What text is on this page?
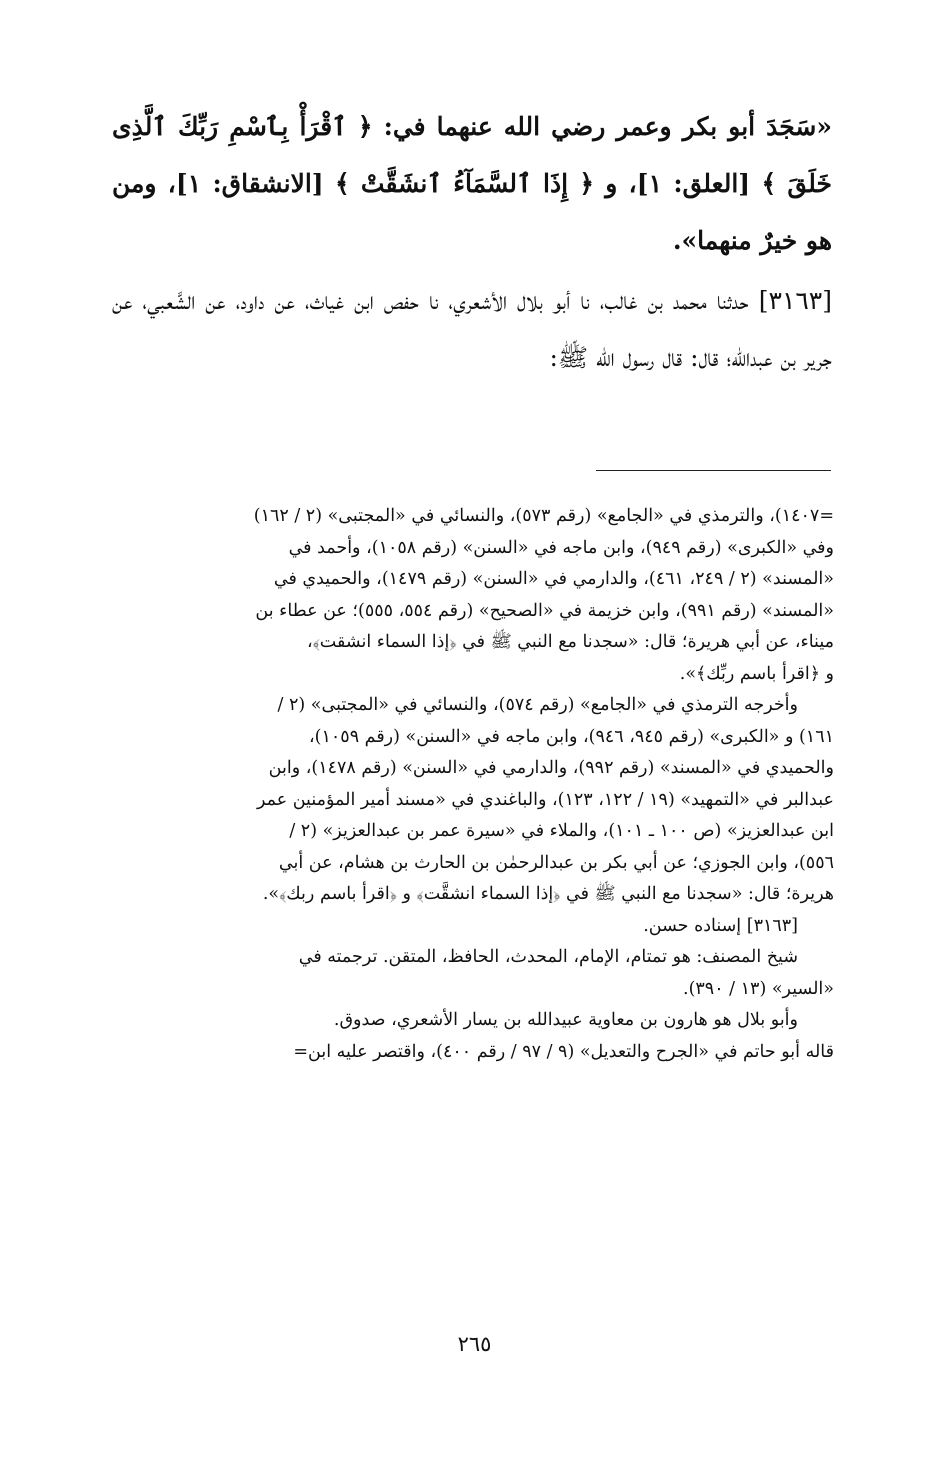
«سَجَدَ أبو بكر وعمر رضي الله عنهما في: ﴿ ٱقْرَأْ بِٱسْمِ رَبِّكَ ٱلَّذِى خَلَقَ ﴾ [العلق: ١]، و ﴿ إِذَا ٱلسَّمَآءُ ٱنشَقَّتْ ﴾ [الانشقاق: ١]، ومن هو خيرٌ منهما».

[٣١٦٣] حدثنا محمد بن غالب، نا أبو بلال الأشعري، نا حفص ابن غياث، عن داود، عن الشَّعبي، عن جرير بن عبدالله؛ قال: قال رسول الله ﷺ:

=١٤٠٧)، والترمذي في «الجامع» (رقم ٥٧٣)، والنسائي في «المجتبى» (٢ / ١٦٢)
وفي «الكبرى» (رقم ٩٤٩)، وابن ماجه في «السنن» (رقم ١٠٥٨)، وأحمد في
«المسند» (٢ / ٢٤٩، ٤٦١)، والدارمي في «السنن» (رقم ١٤٧٩)، والحميدي في
«المسند» (رقم ٩٩١)، وابن خزيمة في «الصحيح» (رقم ٥٥٤، ٥٥٥)؛ عن عطاء بن
ميناء، عن أبي هريرة؛ قال: «سجدنا مع النبي ﷺ في ﴿إذا السماء انشقت﴾،
و ﴿اقرأ باسم ربِّك﴾».
وأخرجه الترمذي في «الجامع» (رقم ٥٧٤)، والنسائي في «المجتبى» (٢ /
١٦١) و «الكبرى» (رقم ٩٤٥، ٩٤٦)، وابن ماجه في «السنن» (رقم ١٠٥٩)،
والحميدي في «المسند» (رقم ٩٩٢)، والدارمي في «السنن» (رقم ١٤٧٨)، وابن
عبدالبر في «التمهيد» (١٩ / ١٢٢، ١٢٣)، والباغندي في «مسند أمير المؤمنين عمر
ابن عبدالعزيز» (ص ١٠٠ ـ ١٠١)، والملاء في «سيرة عمر بن عبدالعزيز» (٢ /
٥٥٦)، وابن الجوزي؛ عن أبي بكر بن عبدالرحمٰن بن الحارث بن هشام، عن أبي
هريرة؛ قال: «سجدنا مع النبي ﷺ في ﴿إذا السماء انشقَّت﴾ و ﴿اقرأ باسم ربك﴾».
[٣١٦٣] إسناده حسن.
شيخ المصنف: هو تمتام، الإمام، المحدث، الحافظ، المتقن. ترجمته في
«السير» (١٣ / ٣٩٠).
وأبو بلال هو هارون بن معاوية عبيدالله بن يسار الأشعري، صدوق.
قاله أبو حاتم في «الجرح والتعديل» (٩ / ٩٧ / رقم ٤٠٠)، واقتصر عليه ابن=
٢٦٥
